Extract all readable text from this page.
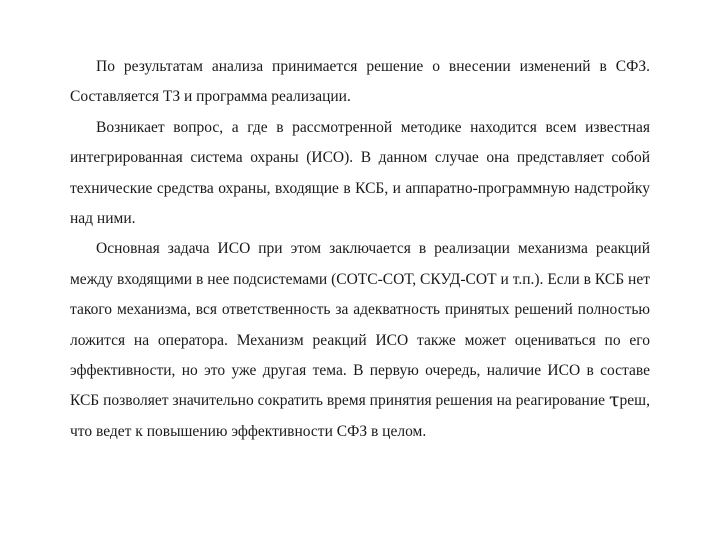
По результатам анализа принимается решение о внесении изменений в СФЗ. Составляется ТЗ и программа реализации.

Возникает вопрос, а где в рассмотренной методике находится всем известная интегрированная система охраны (ИСО). В данном случае она представляет собой технические средства охраны, входящие в КСБ, и аппаратно-программную надстройку над ними.

Основная задача ИСО при этом заключается в реализации механизма реакций между входящими в нее подсистемами (СОТС-СОТ, СКУД-СОТ и т.п.). Если в КСБ нет такого механизма, вся ответственность за адекватность принятых решений полностью ложится на оператора. Механизм реакций ИСО также может оцениваться по его эффективности, но это уже другая тема. В первую очередь, наличие ИСО в составе КСБ позволяет значительно сократить время принятия решения на реагирование τреш, что ведет к повышению эффективности СФЗ в целом.
